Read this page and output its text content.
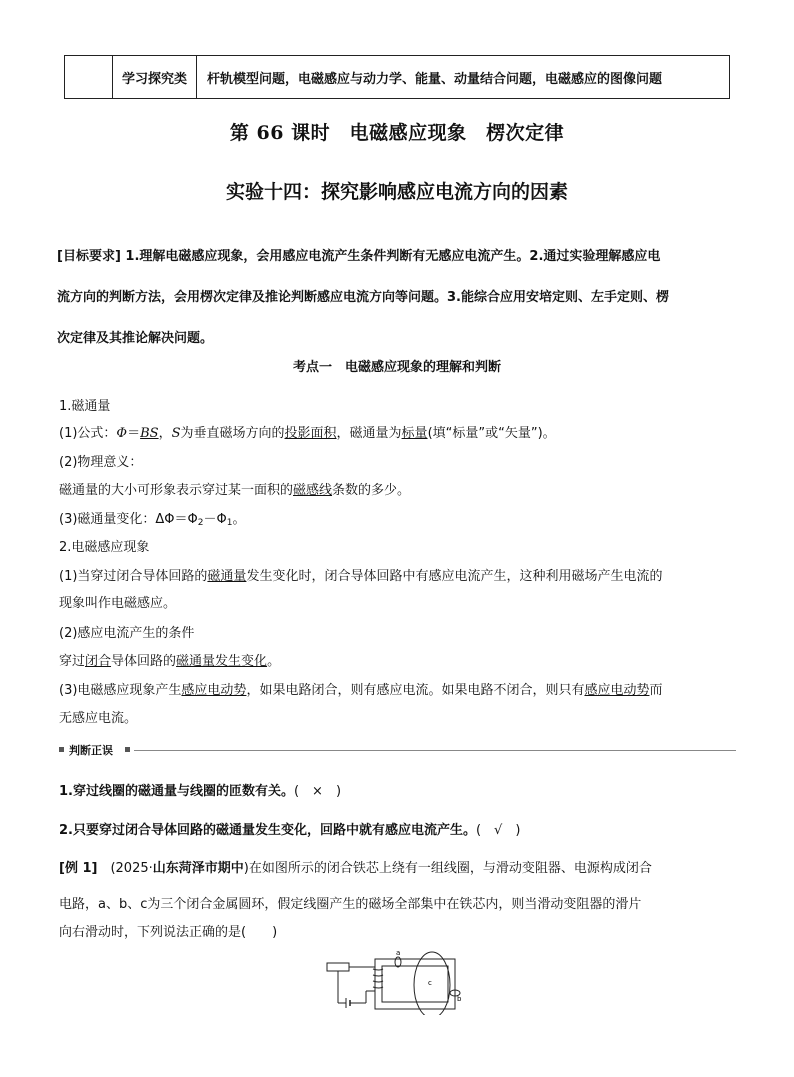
	学习探究类	杆轨模型问题，电磁感应与动力学、能量、动量结合问题，电磁感应的图像问题
第 66 课时　电磁感应现象　楞次定律
实验十四：探究影响感应电流方向的因素
[目标要求] 1.理解电磁感应现象，会用感应电流产生条件判断有无感应电流产生。2.通过实验理解感应电
流方向的判断方法，会用楞次定律及推论判断感应电流方向等问题。3.能综合应用安培定则、左手定则、楞
次定律及其推论解决问题。
考点一　电磁感应现象的理解和判断
1.磁通量
(1)公式：Φ＝BS，S为垂直磁场方向的投影面积，磁通量为标量(填“标量”或“矢量”)。
(2)物理意义：
磁通量的大小可形象表示穿过某一面积的磁感线条数的多少。
(3)磁通量变化：$\Delta\Phi=\Phi_2-\Phi_1$。
2.电磁感应现象
(1)当穿过闭合导体回路的磁通量发生变化时，闭合导体回路中有感应电流产生，这种利用磁场产生电流的
现象叫作电磁感应。
(2)感应电流产生的条件
穿过闭合导体回路的磁通量发生变化。
(3)电磁感应现象产生感应电动势，如果电路闭合，则有感应电流。如果电路不闭合，则只有感应电动势而
无感应电流。
判断正误
1.穿过线圈的磁通量与线圈的匝数有关。(　×　)
2.只要穿过闭合导体回路的磁通量发生变化，回路中就有感应电流产生。(　√　)
[例 1]　(2025·山东菏泽市期中)在如图所示的闭合铁芯上绕有一组线圈，与滑动变阻器、电源构成闭合
电路，a、b、c为三个闭合金属圆环，假定线圈产生的磁场全部集中在铁芯内，则当滑动变阻器的滑片
向右滑动时，下列说法正确的是(　　)
a
c
b
